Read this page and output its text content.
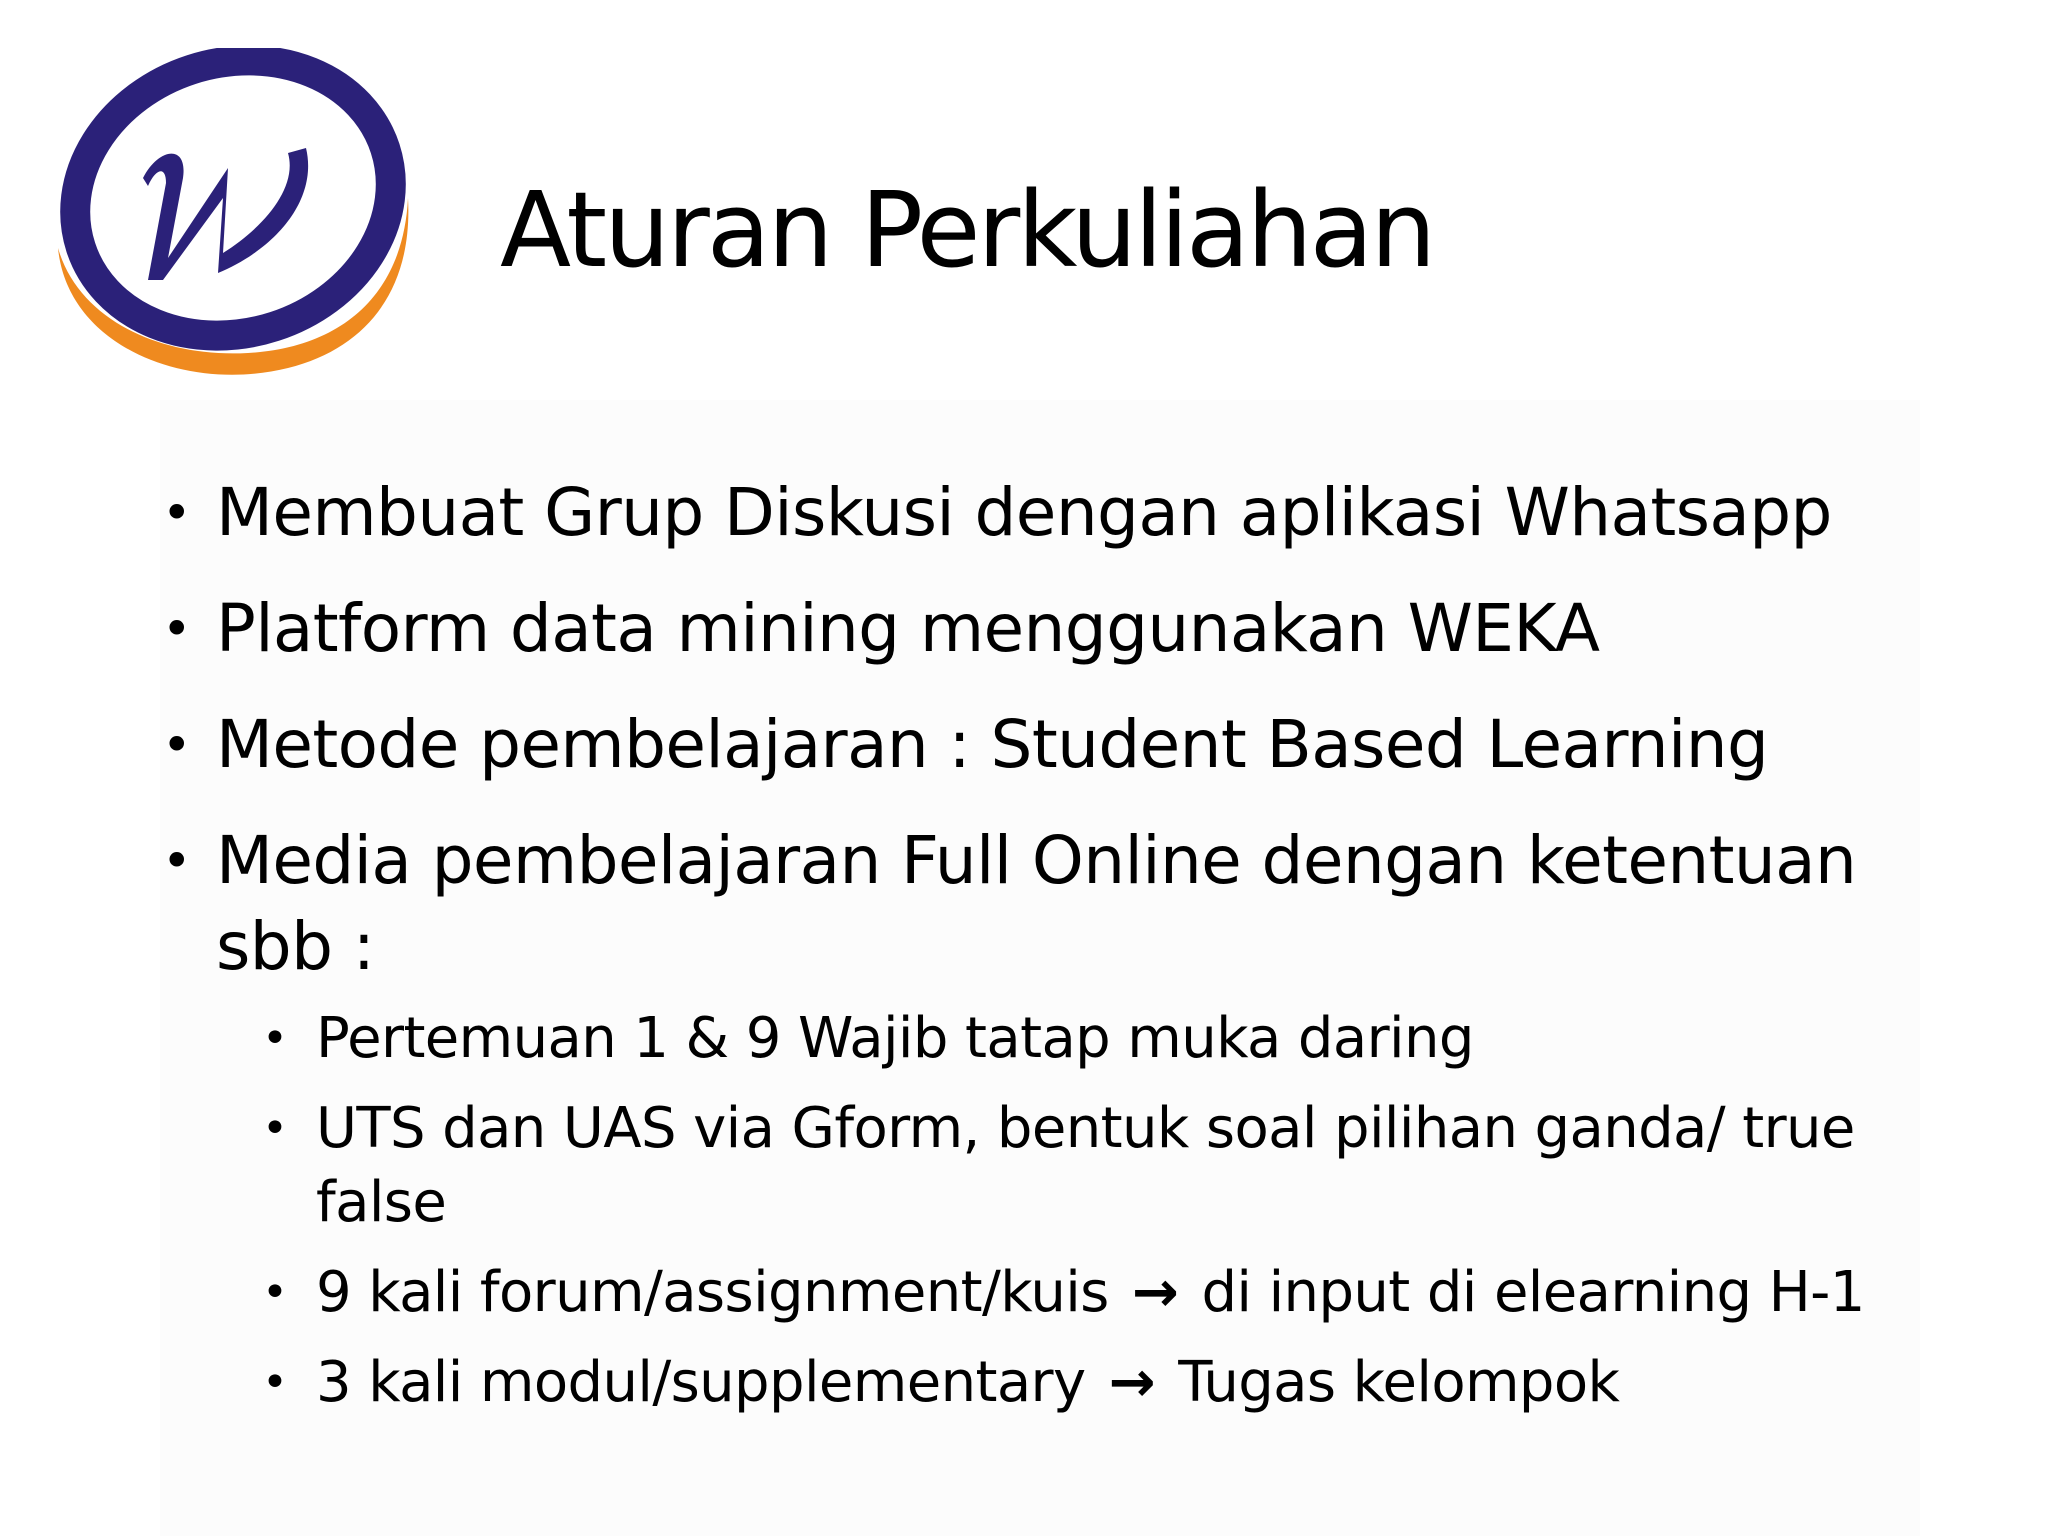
Aturan Perkuliahan
• Membuat Grup Diskusi dengan aplikasi Whatsapp
• Platform data mining menggunakan WEKA
• Metode pembelajaran : Student Based Learning
• Media pembelajaran Full Online dengan ketentuan sbb :
• Pertemuan 1 & 9 Wajib tatap muka daring
• UTS dan UAS via Gform, bentuk soal pilihan ganda/ true false
• 9 kali forum/assignment/kuis → di input di elearning H-1
• 3 kali modul/supplementary → Tugas kelompok
